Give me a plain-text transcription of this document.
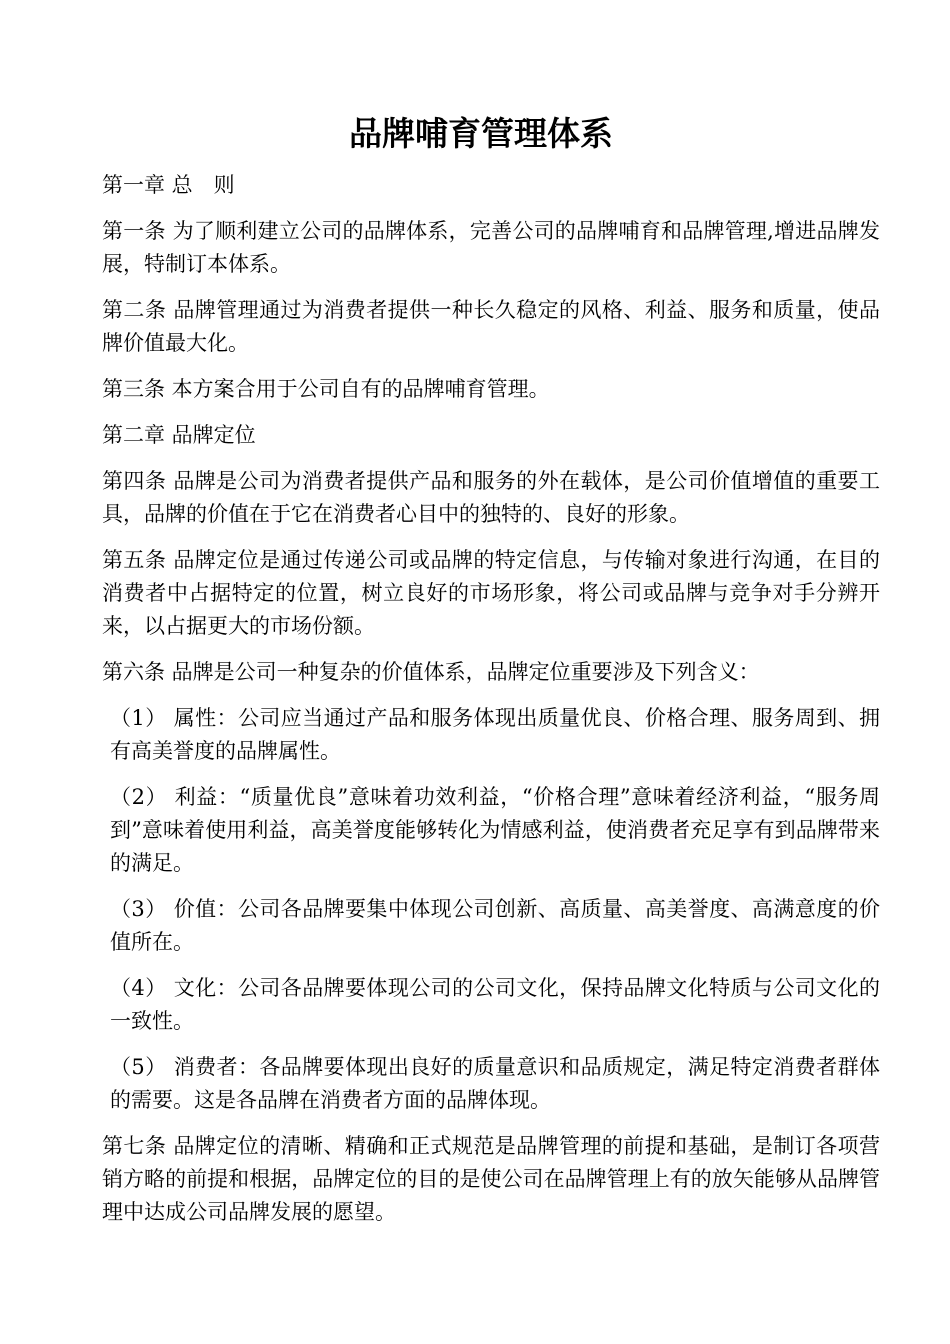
品牌哺育管理体系

第一章 总　则

第一条 为了顺利建立公司的品牌体系，完善公司的品牌哺育和品牌管理,增进品牌发展，特制订本体系。

第二条 品牌管理通过为消费者提供一种长久稳定的风格、利益、服务和质量，使品牌价值最大化。

第三条 本方案合用于公司自有的品牌哺育管理。

第二章 品牌定位

第四条 品牌是公司为消费者提供产品和服务的外在载体，是公司价值增值的重要工具，品牌的价值在于它在消费者心目中的独特的、良好的形象。

第五条 品牌定位是通过传递公司或品牌的特定信息，与传输对象进行沟通，在目的消费者中占据特定的位置，树立良好的市场形象，将公司或品牌与竞争对手分辨开来，以占据更大的市场份额。

第六条 品牌是公司一种复杂的价值体系，品牌定位重要涉及下列含义：

（1） 属性：公司应当通过产品和服务体现出质量优良、价格合理、服务周到、拥有高美誉度的品牌属性。

（2） 利益：“质量优良”意味着功效利益，“价格合理”意味着经济利益，“服务周到”意味着使用利益，高美誉度能够转化为情感利益，使消费者充足享有到品牌带来的满足。

（3） 价值：公司各品牌要集中体现公司创新、高质量、高美誉度、高满意度的价值所在。

（4） 文化：公司各品牌要体现公司的公司文化，保持品牌文化特质与公司文化的一致性。

（5） 消费者：各品牌要体现出良好的质量意识和品质规定，满足特定消费者群体的需要。这是各品牌在消费者方面的品牌体现。

第七条 品牌定位的清晰、精确和正式规范是品牌管理的前提和基础，是制订各项营销方略的前提和根据，品牌定位的目的是使公司在品牌管理上有的放矢能够从品牌管理中达成公司品牌发展的愿望。
